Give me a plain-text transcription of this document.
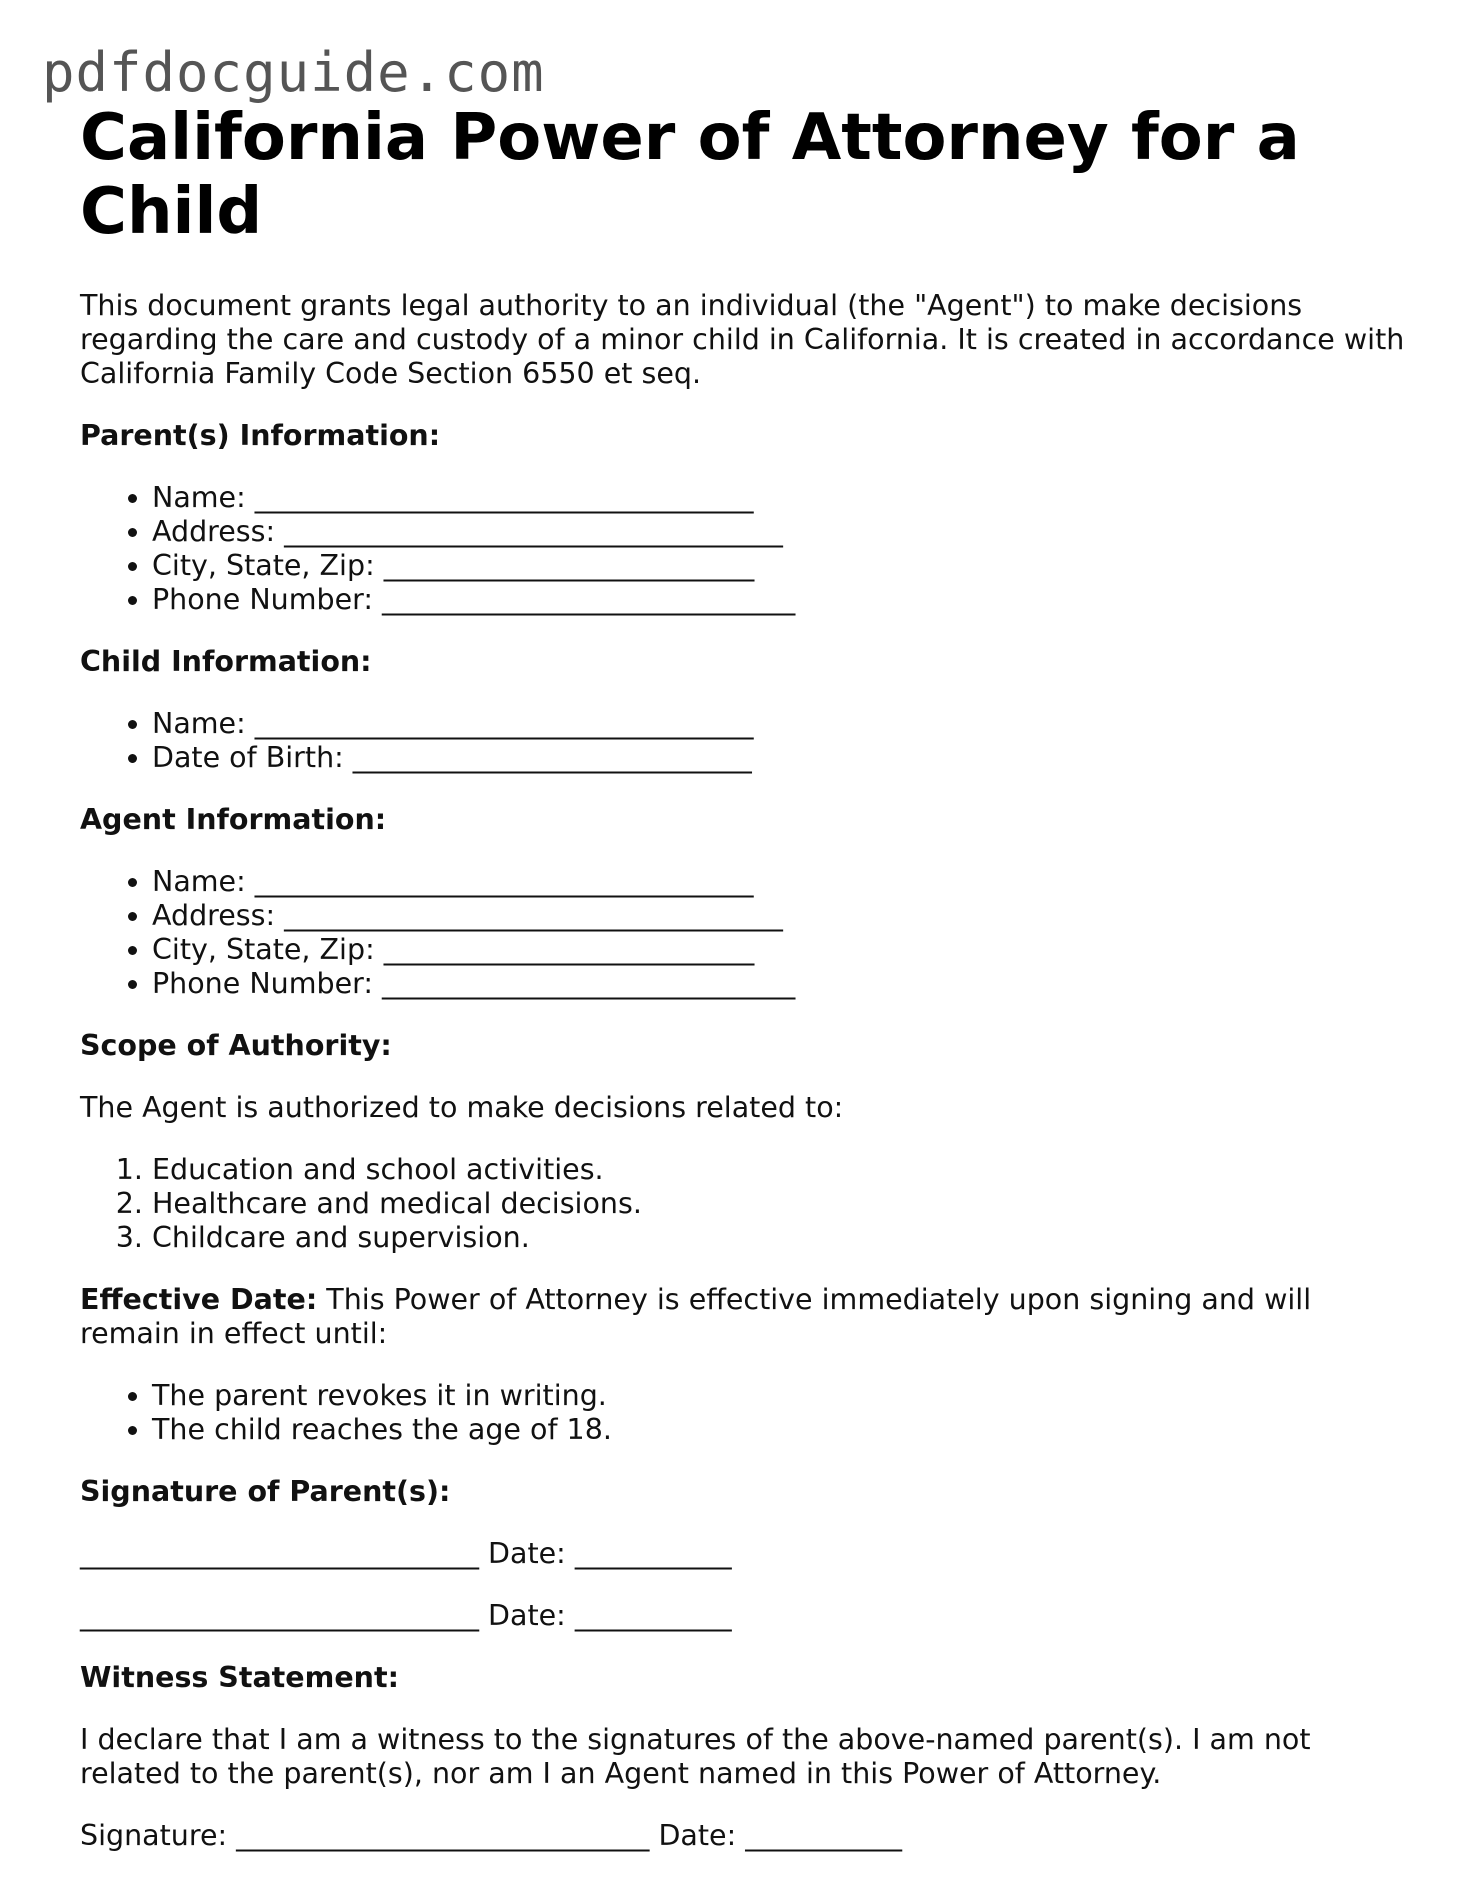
pdfdocguide.com
California Power of Attorney for a Child

This document grants legal authority to an individual (the "Agent") to make decisions regarding the care and custody of a minor child in California. It is created in accordance with California Family Code Section 6550 et seq.

Parent(s) Information:

• Name: ___________________________________
• Address: ___________________________________
• City, State, Zip: __________________________
• Phone Number: _____________________________

Child Information:

• Name: ___________________________________
• Date of Birth: ____________________________

Agent Information:

• Name: ___________________________________
• Address: ___________________________________
• City, State, Zip: __________________________
• Phone Number: _____________________________

Scope of Authority:

The Agent is authorized to make decisions related to:

1. Education and school activities.
2. Healthcare and medical decisions.
3. Childcare and supervision.

Effective Date: This Power of Attorney is effective immediately upon signing and will remain in effect until:

• The parent revokes it in writing.
• The child reaches the age of 18.

Signature of Parent(s):

____________________________ Date: ___________
____________________________ Date: ___________

Witness Statement:

I declare that I am a witness to the signatures of the above-named parent(s). I am not related to the parent(s), nor am I an Agent named in this Power of Attorney.

Signature: _____________________________ Date: ___________
